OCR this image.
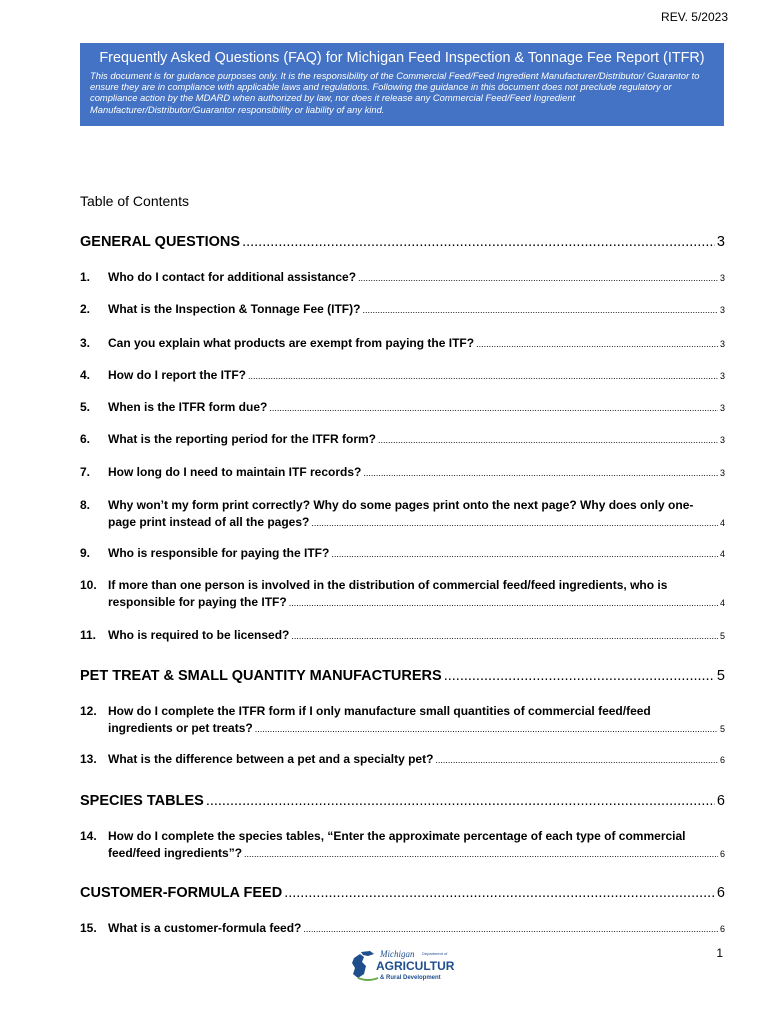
REV. 5/2023
Frequently Asked Questions (FAQ) for Michigan Feed Inspection & Tonnage Fee Report (ITFR)
This document is for guidance purposes only. It is the responsibility of the Commercial Feed/Feed Ingredient Manufacturer/Distributor/ Guarantor to ensure they are in compliance with applicable laws and regulations. Following the guidance in this document does not preclude regulatory or compliance action by the MDARD when authorized by law, nor does it release any Commercial Feed/Feed Ingredient Manufacturer/Distributor/Guarantor responsibility or liability of any kind.
Table of Contents
GENERAL QUESTIONS .....	3
1.	Who do I contact for additional assistance? .....	3
2.	What is the Inspection & Tonnage Fee (ITF)? .....	3
3.	Can you explain what products are exempt from paying the ITF? .....	3
4.	How do I report the ITF? .....	3
5.	When is the ITFR form due? .....	3
6.	What is the reporting period for the ITFR form? .....	3
7.	How long do I need to maintain ITF records? .....	3
8.	Why won’t my form print correctly? Why do some pages print onto the next page? Why does only one-
page print instead of all the pages? .....	4
9.	Who is responsible for paying the ITF? .....	4
10. If more than one person is involved in the distribution of commercial feed/feed ingredients, who is
responsible for paying the ITF? .....	4
11. Who is required to be licensed? .....	5
PET TREAT & SMALL QUANTITY MANUFACTURERS .....	5
12. How do I complete the ITFR form if I only manufacture small quantities of commercial feed/feed
ingredients or pet treats? .....	5
13. What is the difference between a pet and a specialty pet? .....	6
SPECIES TABLES .....	6
14. How do I complete the species tables, “Enter the approximate percentage of each type of commercial
feed/feed ingredients”? .....	6
CUSTOMER-FORMULA FEED .....	6
15. What is a customer-formula feed? .....	6
1
Michigan Department of
AGRICULTURE
& Rural Development
